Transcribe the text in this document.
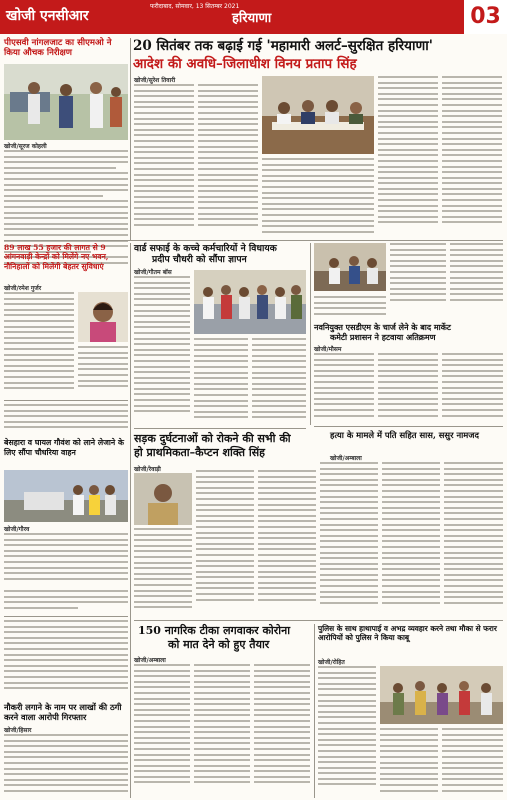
खोजी एनसीआर
फरीदाबाद, सोमवार, 13 सितम्बर 2021
हरियाणा	03
पीएसवी नांगलजाट का सीएमओ ने किया औचक निरीक्षण
खोजी/सूरज कोहली
20 सितंबर तक बढ़ाई गई 'महामारी अलर्ट–सुरक्षित हरियाणा'
आदेश की अवधि–जिलाधीश विनय प्रताप सिंह
खोजी/सुरेश तिवारी
वार्ड सफाई के कच्चे कर्मचारियों ने विधायक
प्रदीप चौधरी को सौंपा ज्ञापन
खोजी/गौतम बॉस
89 लाख 55 हजार की लागत से 9 आंगनवाड़ी केन्द्रों को मिलेंगे नए भवन, नौनिहालों को मिलेंगी बेहतर सुविधाएं
खोजी/रमेश गुर्जर
सड़क दुर्घटनाओं को रोकने की सभी की
हो प्राथमिकता–कैप्टन शक्ति सिंह
खोजी/रेवाड़ी
बेसहारा व घायल गौवंश को लाने लेजाने के लिए सौंपा चौधरिया वाहन
खोजी/गौरव
नौकरी लगाने के नाम पर लाखों की ठगी करने वाला आरोपी गिरफ्तार
खोजी/हिसार
नवनियुक्त एसडीएम के चार्ज लेने के बाद मार्केट
कमेटी प्रशासन ने हटवाया अतिक्रमण
खोजी/मौसम
हत्या के मामले में पति सहित सास, ससुर नामजद
खोजी/अम्बाला
150 नागरिक टीका लगवाकर कोरोना
को मात देने को हुए तैयार
खोजी/अम्बाला
पुलिस के साथ हाथापाई व अभद्र व्यवहार करने तथा मौका से फरार आरोपियों को पुलिस ने किया काबू
खोजी/रोहित
